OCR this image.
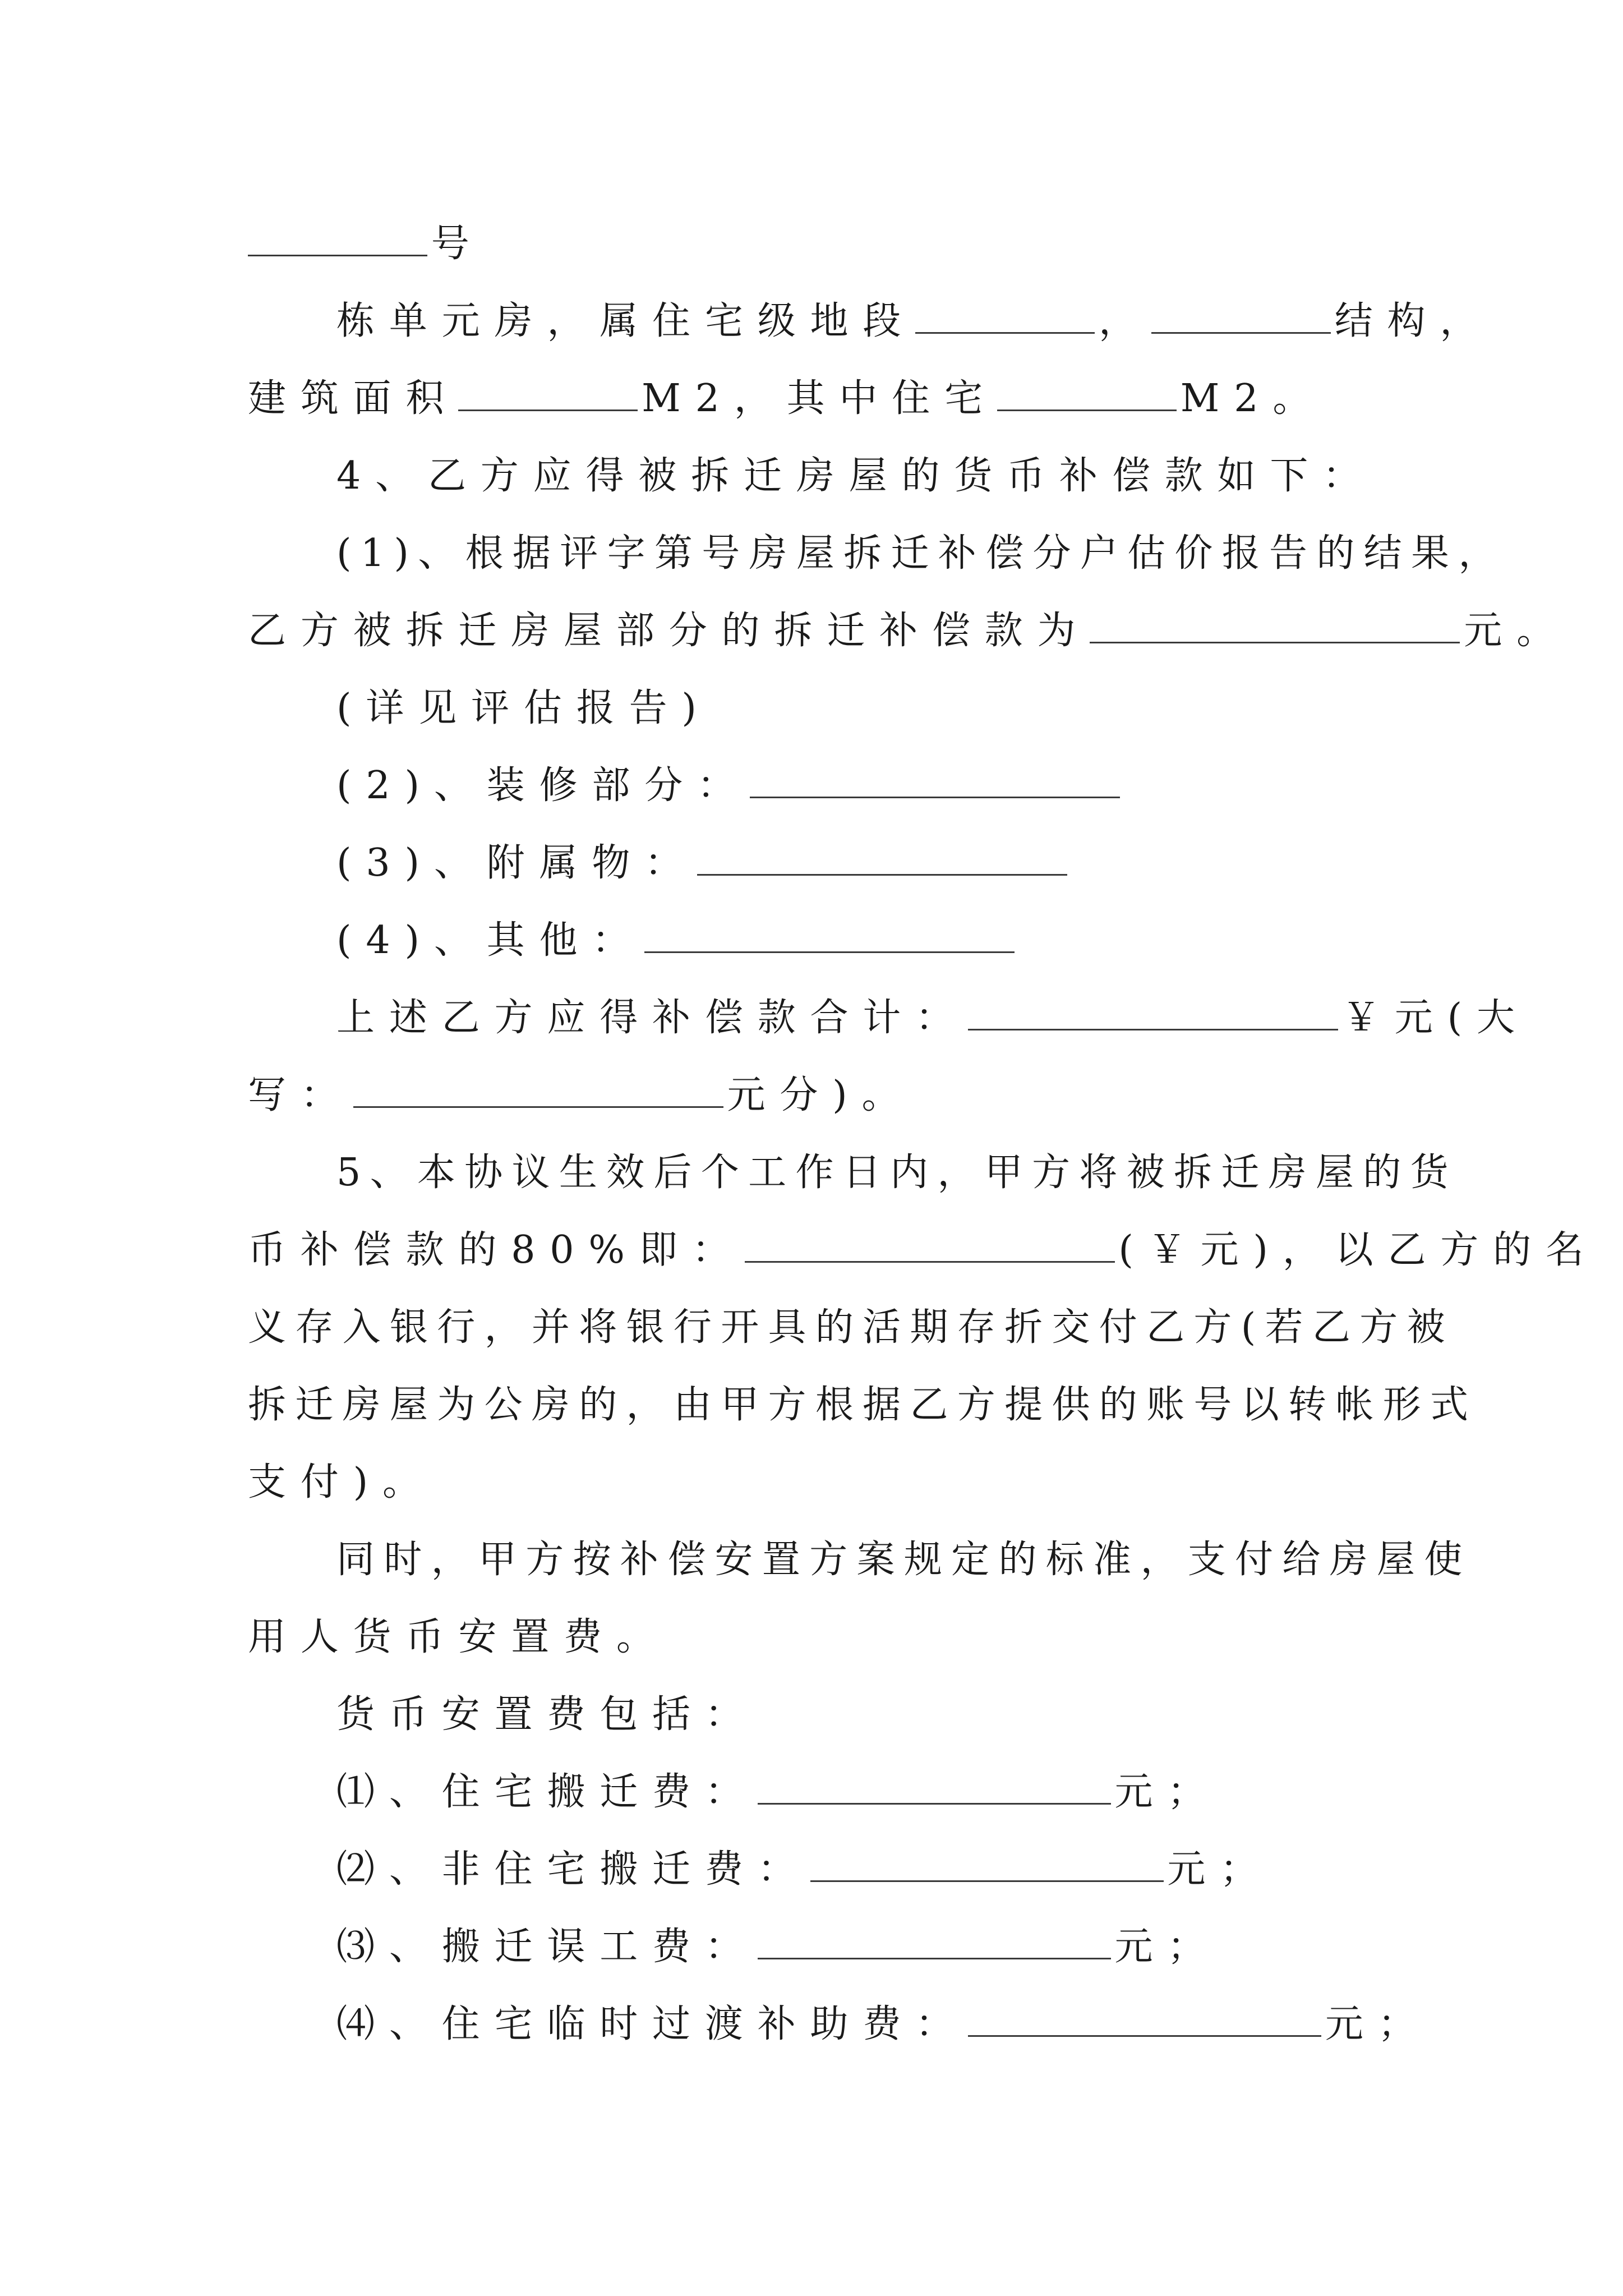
号
栋单元房，属住宅级地段	，	结构，
建筑面积	M2，其中住宅	M2。
4、乙方应得被拆迁房屋的货币补偿款如下：
(1)、根据评字第号房屋拆迁补偿分户估价报告的结果，
乙方被拆迁房屋部分的拆迁补偿款为	元。
(详见评估报告)
(2)、装修部分：
(3)、附属物：
(4)、其他：
上述乙方应得补偿款合计：	￥元(大
写：	元分)。
5、本协议生效后个工作日内，甲方将被拆迁房屋的货
币补偿款的80%即：	(￥元)，以乙方的名
义存入银行，并将银行开具的活期存折交付乙方(若乙方被
拆迁房屋为公房的，由甲方根据乙方提供的账号以转帐形式
支付)。
同时，甲方按补偿安置方案规定的标准，支付给房屋使
用人货币安置费。
货币安置费包括：
⑴、住宅搬迁费：	元；
⑵、非住宅搬迁费：	元；
⑶、搬迁误工费：	元；
⑷、住宅临时过渡补助费：	元；
